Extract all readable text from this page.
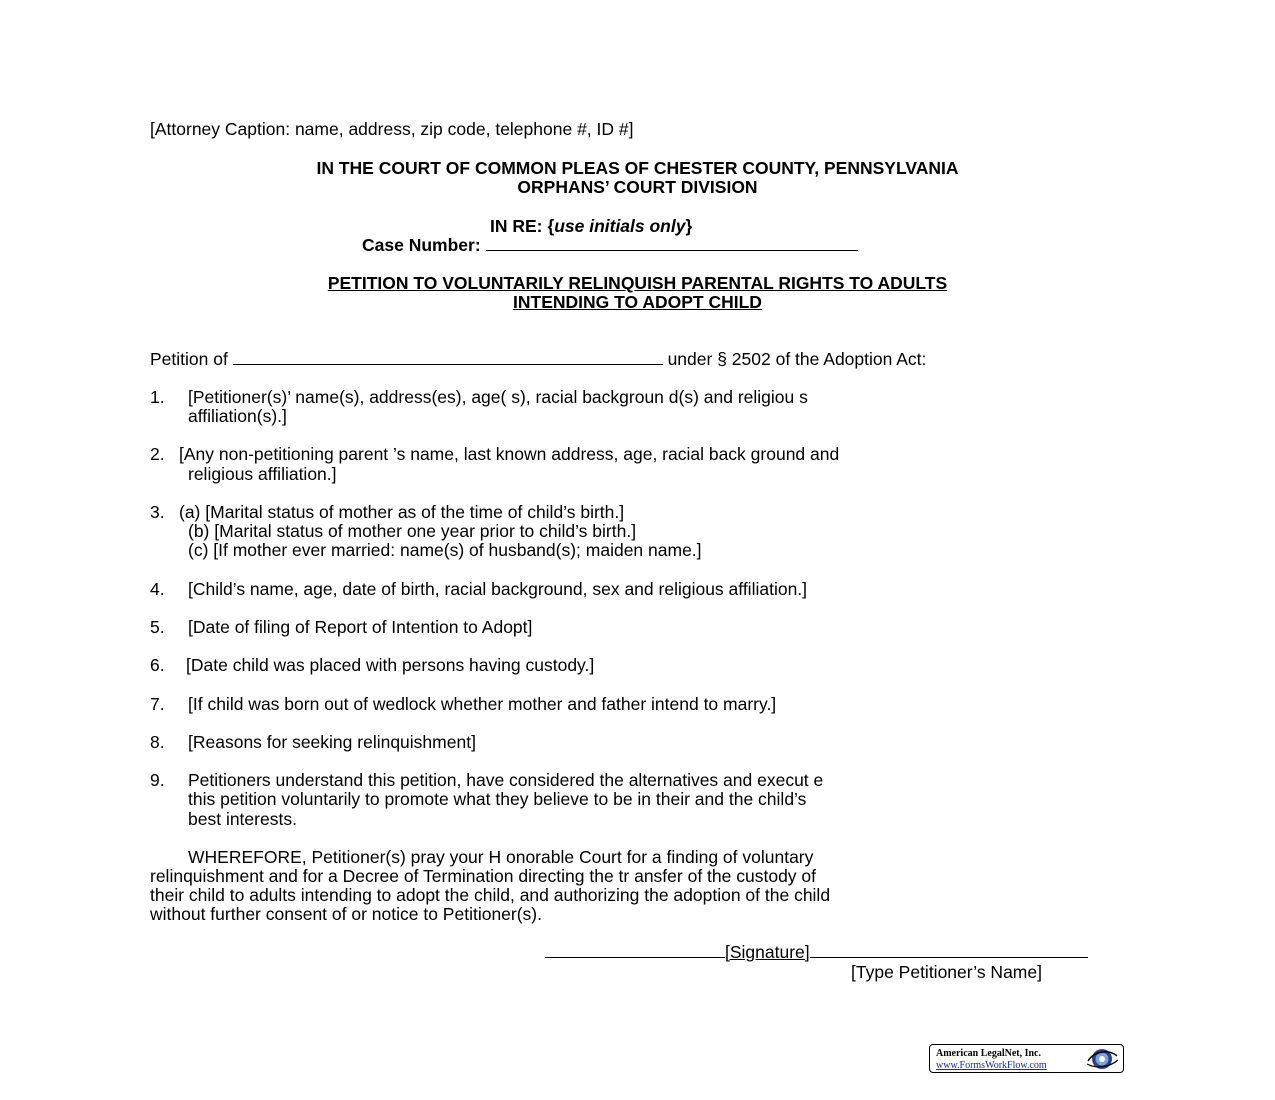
[Attorney Caption: name, address, zip code, telephone #, ID #]
IN THE COURT OF COMMON PLEAS OF CHESTER COUNTY, PENNSYLVANIA
ORPHANS’ COURT DIVISION
IN RE: {use initials only}
Case Number:
PETITION TO VOLUNTARILY RELINQUISH PARENTAL RIGHTS TO ADULTS
INTENDING TO ADOPT CHILD
Petition of	under § 2502 of the Adoption Act:
1. [Petitioner(s)’ name(s), address(es), age( s), racial backgroun d(s) and religiou s
affiliation(s).]
2. [Any non-petitioning parent ’s name, last known address, age, racial back ground and
religious affiliation.]
3. (a) [Marital status of mother as of the time of child’s birth.]
(b) [Marital status of mother one year prior to child’s birth.]
(c) [If mother ever married: name(s) of husband(s); maiden name.]
4. [Child’s name, age, date of birth, racial background, sex and religious affiliation.]
5. [Date of filing of Report of Intention to Adopt]
6. [Date child was placed with persons having custody.]
7. [If child was born out of wedlock whether mother and father intend to marry.]
8. [Reasons for seeking relinquishment]
9. Petitioners understand this petition, have considered the alternatives and execut e
this petition voluntarily to promote what they believe to be in their and the child’s
best interests.
WHEREFORE, Petitioner(s) pray your H onorable Court for a finding of voluntary
relinquishment and for a Decree of Termination directing the tr ansfer of the custody of
their child to adults intending to adopt the child, and authorizing the adoption of the child
without further consent of or notice to Petitioner(s).
[Signature]
[Type Petitioner’s Name]
American LegalNet, Inc.
www.FormsWorkFlow.com
